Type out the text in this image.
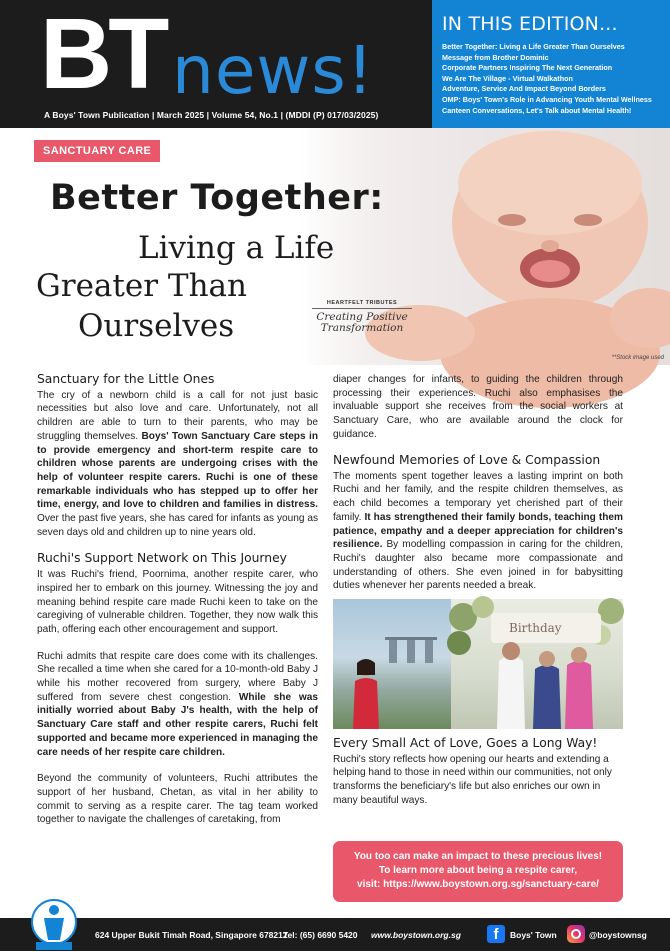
BT news!
A Boys' Town Publication | March 2025 | Volume 54, No.1 | (MDDI (P) 017/03/2025)
IN THIS EDITION...
Better Together: Living a Life Greater Than Ourselves
Message from Brother Dominic
Corporate Partners Inspiring The Next Generation
We Are The Village - Virtual Walkathon
Adventure, Service And Impact Beyond Borders
OMP: Boys' Town's Role in Advancing Youth Mental Wellness
Canteen Conversations, Let's Talk about Mental Health!
SANCTUARY CARE
Better Together:
Living a Life
Greater Than
Ourselves
HEARTFELT TRIBUTES
Creating Positive
Transformation
**Stock image used
Sanctuary for the Little Ones

The cry of a newborn child is a call for not just basic necessities but also love and care. Unfortunately, not all children are able to turn to their parents, who may be struggling themselves. Boys' Town Sanctuary Care steps in to provide emergency and short-term respite care to children whose parents are undergoing crises with the help of volunteer respite carers. Ruchi is one of these remarkable individuals who has stepped up to offer her time, energy, and love to children and families in distress. Over the past five years, she has cared for infants as young as seven days old and children up to nine years old.

Ruchi's Support Network on This Journey

It was Ruchi's friend, Poornima, another respite carer, who inspired her to embark on this journey. Witnessing the joy and meaning behind respite care made Ruchi keen to take on the caregiving of vulnerable children. Together, they now walk this path, offering each other encouragement and support.

Ruchi admits that respite care does come with its challenges. She recalled a time when she cared for a 10-month-old Baby J while his mother recovered from surgery, where Baby J suffered from severe chest congestion. While she was initially worried about Baby J's health, with the help of Sanctuary Care staff and other respite carers, Ruchi felt supported and became more experienced in managing the care needs of her respite care children.

Beyond the community of volunteers, Ruchi attributes the support of her husband, Chetan, as vital in her ability to commit to serving as a respite carer. The tag team worked together to navigate the challenges of caretaking, from

diaper changes for infants, to guiding the children through processing their experiences. Ruchi also emphasises the invaluable support she receives from the social workers at Sanctuary Care, who are available around the clock for guidance.

Newfound Memories of Love & Compassion

The moments spent together leaves a lasting imprint on both Ruchi and her family, and the respite children themselves, as each child becomes a temporary yet cherished part of their family. It has strengthened their family bonds, teaching them patience, empathy and a deeper appreciation for children's resilience. By modelling compassion in caring for the children, Ruchi's daughter also became more compassionate and understanding of others. She even joined in for babysitting duties whenever her parents needed a break.

Birthday
Every Small Act of Love, Goes a Long Way!

Ruchi's story reflects how opening our hearts and extending a helping hand to those in need within our communities, not only transforms the beneficiary's life but also enriches our own in many beautiful ways.

You too can make an impact to these precious lives!
To learn more about being a respite carer,
visit: https://www.boystown.org.sg/sanctuary-care/
624 Upper Bukit Timah Road, Singapore 678212
Tel: (65) 6690 5420 www.boystown.org.sg	f	Boys' Town	@boystownsg
